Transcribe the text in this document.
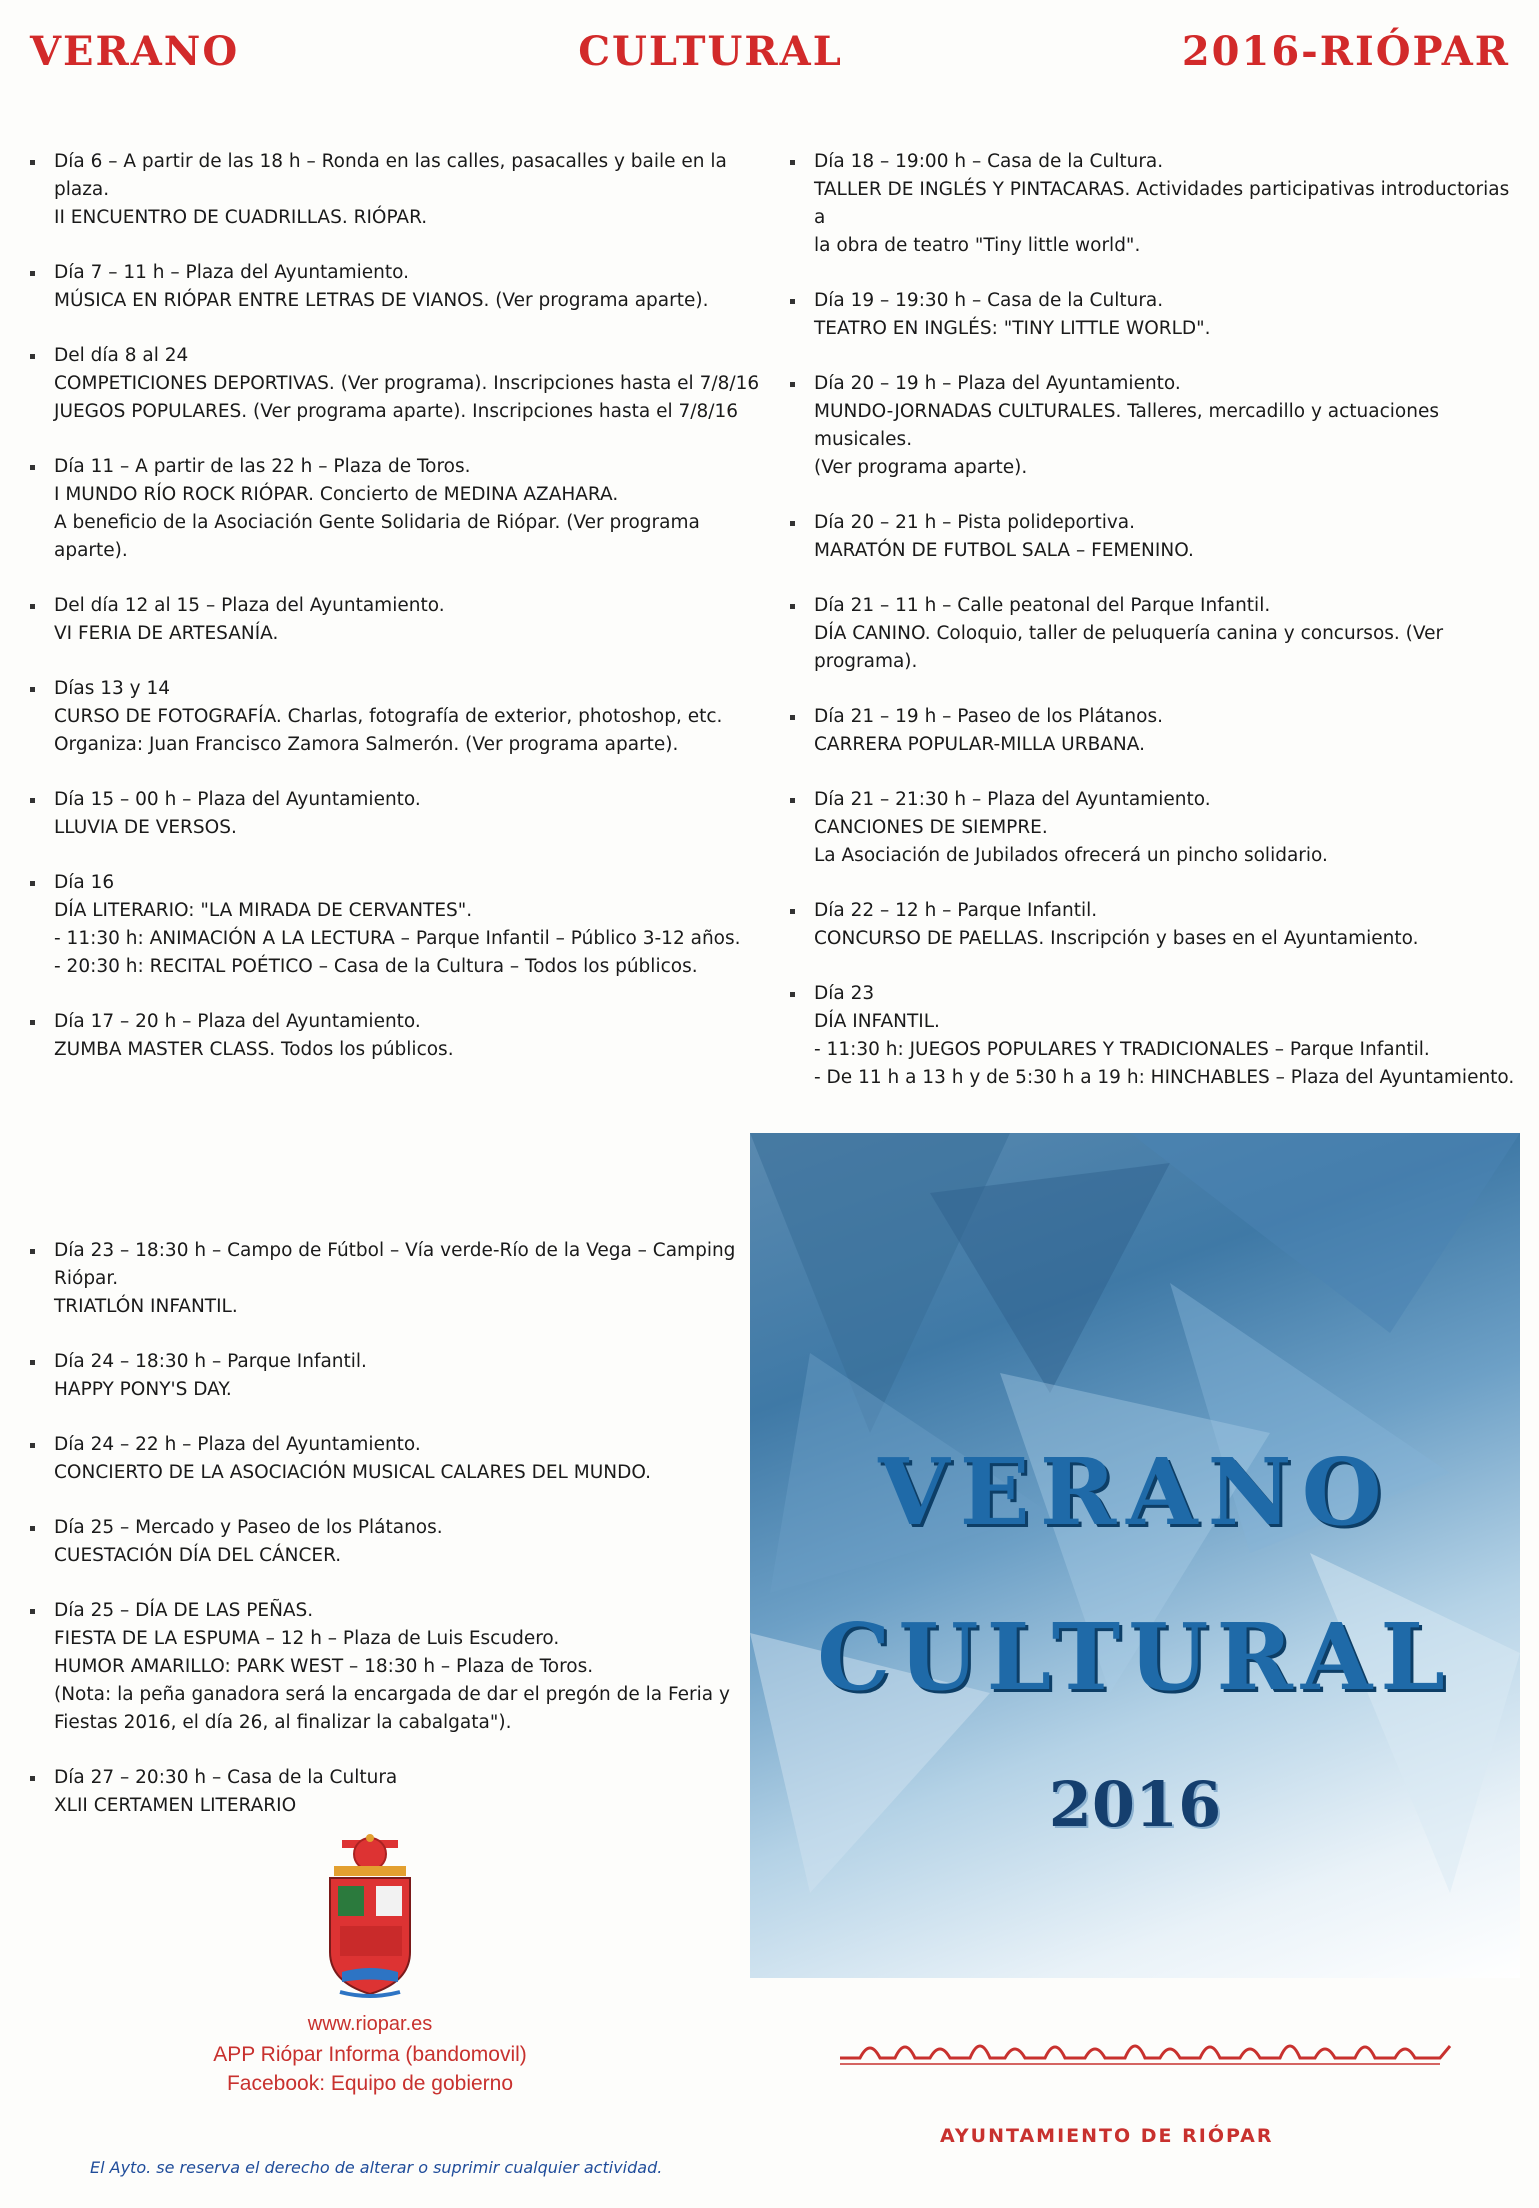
VERANO	CULTURAL	2016-RIÓPAR
Día 6 – A partir de las 18 h – Ronda en las calles, pasacalles y baile en la plaza.
II ENCUENTRO DE CUADRILLAS. RIÓPAR.
Día 7 – 11 h – Plaza del Ayuntamiento.
MÚSICA EN RIÓPAR ENTRE LETRAS DE VIANOS. (Ver programa aparte).
Del día 8 al 24
COMPETICIONES DEPORTIVAS. (Ver programa). Inscripciones hasta el 7/8/16
JUEGOS POPULARES. (Ver programa aparte). Inscripciones hasta el 7/8/16
Día 11 – A partir de las 22 h – Plaza de Toros.
I MUNDO RÍO ROCK RIÓPAR. Concierto de MEDINA AZAHARA.
A beneficio de la Asociación Gente Solidaria de Riópar. (Ver programa aparte).
Del día 12 al 15 – Plaza del Ayuntamiento.
VI FERIA DE ARTESANÍA.
Días 13 y 14
CURSO DE FOTOGRAFÍA. Charlas, fotografía de exterior, photoshop, etc.
Organiza: Juan Francisco Zamora Salmerón. (Ver programa aparte).
Día 15 – 00 h – Plaza del Ayuntamiento.
LLUVIA DE VERSOS.
Día 16
DÍA LITERARIO: "LA MIRADA DE CERVANTES".
- 11:30 h: ANIMACIÓN A LA LECTURA – Parque Infantil – Público 3-12 años.
- 20:30 h: RECITAL POÉTICO – Casa de la Cultura – Todos los públicos.
Día 17 – 20 h – Plaza del Ayuntamiento.
ZUMBA MASTER CLASS. Todos los públicos.
Día 18 – 19:00 h – Casa de la Cultura.
TALLER DE INGLÉS Y PINTACARAS. Actividades participativas introductorias a
la obra de teatro "Tiny little world".
Día 19 – 19:30 h – Casa de la Cultura.
TEATRO EN INGLÉS: "TINY LITTLE WORLD".
Día 20 – 19 h – Plaza del Ayuntamiento.
MUNDO-JORNADAS CULTURALES. Talleres, mercadillo y actuaciones musicales.
(Ver programa aparte).
Día 20 – 21 h – Pista polideportiva.
MARATÓN DE FUTBOL SALA – FEMENINO.
Día 21 – 11 h – Calle peatonal del Parque Infantil.
DÍA CANINO. Coloquio, taller de peluquería canina y concursos. (Ver programa).
Día 21 – 19 h – Paseo de los Plátanos.
CARRERA POPULAR-MILLA URBANA.
Día 21 – 21:30 h – Plaza del Ayuntamiento.
CANCIONES DE SIEMPRE.
La Asociación de Jubilados ofrecerá un pincho solidario.
Día 22 – 12 h – Parque Infantil.
CONCURSO DE PAELLAS. Inscripción y bases en el Ayuntamiento.
Día 23
DÍA INFANTIL.
- 11:30 h: JUEGOS POPULARES Y TRADICIONALES – Parque Infantil.
- De 11 h a 13 h y de 5:30 h a 19 h: HINCHABLES – Plaza del Ayuntamiento.
Día 23 – 18:30 h – Campo de Fútbol – Vía verde-Río de la Vega – Camping Riópar.
TRIATLÓN INFANTIL.
Día 24 – 18:30 h – Parque Infantil.
HAPPY PONY'S DAY.
Día 24 – 22 h – Plaza del Ayuntamiento.
CONCIERTO DE LA ASOCIACIÓN MUSICAL CALARES DEL MUNDO.
Día 25 – Mercado y Paseo de los Plátanos.
CUESTACIÓN DÍA DEL CÁNCER.
Día 25 – DÍA DE LAS PEÑAS.
FIESTA DE LA ESPUMA – 12 h – Plaza de Luis Escudero.
HUMOR AMARILLO: PARK WEST – 18:30 h – Plaza de Toros.
(Nota: la peña ganadora será la encargada de dar el pregón de la Feria y
Fiestas 2016, el día 26, al finalizar la cabalgata").
Día 27 – 20:30 h – Casa de la Cultura
XLII CERTAMEN LITERARIO
VERANO
CULTURAL
2016
www.riopar.es
APP Riópar Informa (bandomovil)
Facebook: Equipo de gobierno
El Ayto. se reserva el derecho de alterar o suprimir cualquier actividad.
AYUNTAMIENTO DE RIÓPAR
